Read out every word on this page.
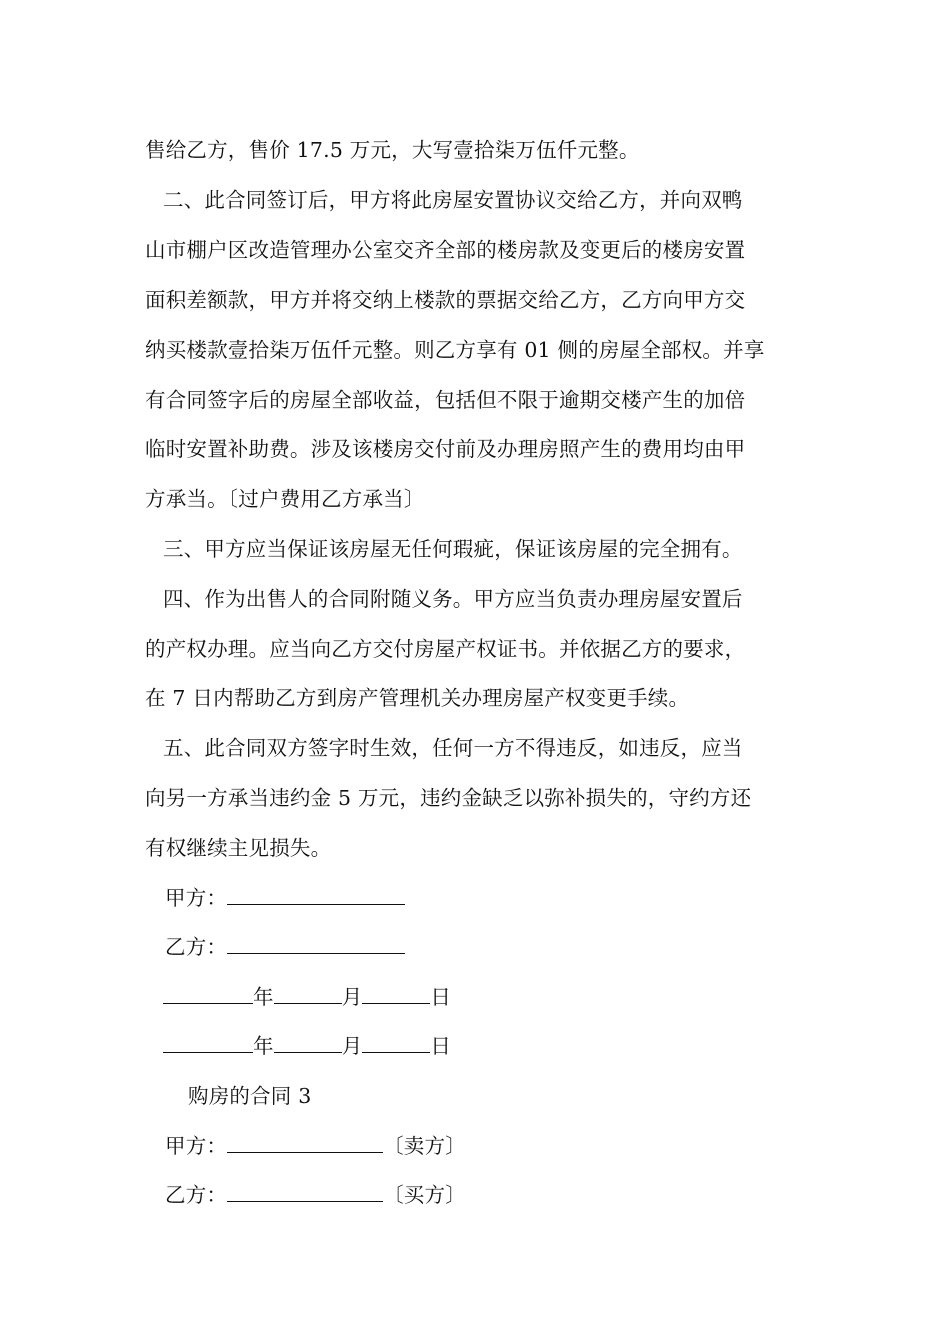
售给乙方，售价 17.5 万元，大写壹拾柒万伍仟元整。
二、此合同签订后，甲方将此房屋安置协议交给乙方，并向双鸭
山市棚户区改造管理办公室交齐全部的楼房款及变更后的楼房安置
面积差额款，甲方并将交纳上楼款的票据交给乙方，乙方向甲方交
纳买楼款壹拾柒万伍仟元整。则乙方享有 01 侧的房屋全部权。并享
有合同签字后的房屋全部收益，包括但不限于逾期交楼产生的加倍
临时安置补助费。涉及该楼房交付前及办理房照产生的费用均由甲
方承当。〔过户费用乙方承当〕
三、甲方应当保证该房屋无任何瑕疵，保证该房屋的完全拥有。
四、作为出售人的合同附随义务。甲方应当负责办理房屋安置后
的产权办理。应当向乙方交付房屋产权证书。并依据乙方的要求，
在 7 日内帮助乙方到房产管理机关办理房屋产权变更手续。
五、此合同双方签字时生效，任何一方不得违反，如违反，应当
向另一方承当违约金 5 万元，违约金缺乏以弥补损失的，守约方还
有权继续主见损失。
甲方：
乙方：
年	月	日
年	月	日
购房的合同 3
甲方：	〔卖方〕
乙方：	〔买方〕
